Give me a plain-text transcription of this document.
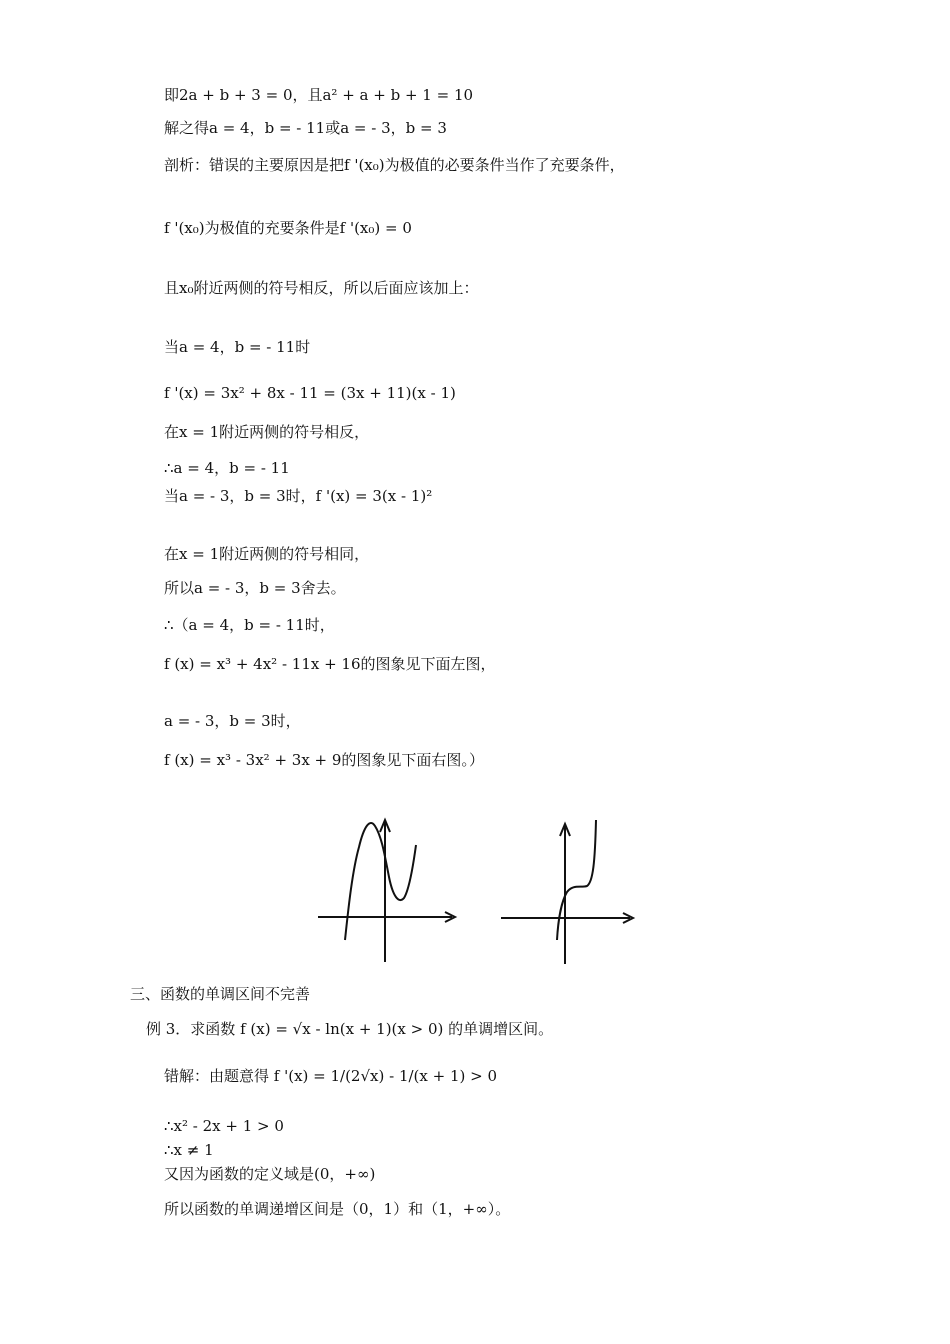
即2a + b + 3 = 0，且a² + a + b + 1 = 10
解之得a = 4，b = - 11或a = - 3，b = 3
剖析：错误的主要原因是把f '(x₀)为极值的必要条件当作了充要条件，
f '(x₀)为极值的充要条件是f '(x₀) = 0
且x₀附近两侧的符号相反，所以后面应该加上：
当a = 4，b = - 11时
f '(x) = 3x² + 8x - 11 = (3x + 11)(x - 1)
在x = 1附近两侧的符号相反，
∴a = 4，b = - 11
当a = - 3，b = 3时，f '(x) = 3(x - 1)²
在x = 1附近两侧的符号相同，
所以a = - 3，b = 3舍去。
∴（a = 4，b = - 11时，
f (x) = x³ + 4x² - 11x + 16的图象见下面左图，
a = - 3，b = 3时，
f (x) = x³ - 3x² + 3x + 9的图象见下面右图。）
三、函数的单调区间不完善
例 3．求函数 f (x) = √x - ln(x + 1)(x > 0) 的单调增区间。
错解：由题意得 f '(x) = 1/(2√x) - 1/(x + 1) > 0
∴x² - 2x + 1 > 0
∴x ≠ 1
又因为函数的定义域是(0，+∞)
所以函数的单调递增区间是（0，1）和（1，+∞）。
